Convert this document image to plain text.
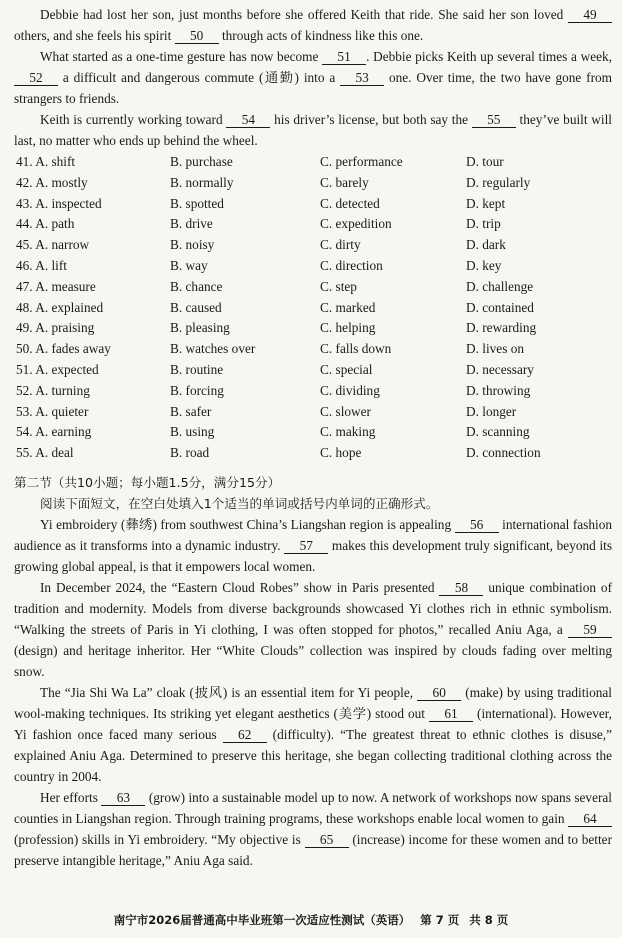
Debbie had lost her son, just months before she offered Keith that ride. She said her son loved 49 others, and she feels his spirit 50 through acts of kindness like this one.

What started as a one-time gesture has now become 51 . Debbie picks Keith up several times a week, 52 a difficult and dangerous commute (通勤) into a 53 one. Over time, the two have gone from strangers to friends.

Keith is currently working toward 54 his driver’s license, but both say the 55 they’ve built will last, no matter who ends up behind the wheel.

41. A. shift	B. purchase	C. performance	D. tour
42. A. mostly	B. normally	C. barely	D. regularly
43. A. inspected	B. spotted	C. detected	D. kept
44. A. path	B. drive	C. expedition	D. trip
45. A. narrow	B. noisy	C. dirty	D. dark
46. A. lift	B. way	C. direction	D. key
47. A. measure	B. chance	C. step	D. challenge
48. A. explained	B. caused	C. marked	D. contained
49. A. praising	B. pleasing	C. helping	D. rewarding
50. A. fades away	B. watches over	C. falls down	D. lives on
51. A. expected	B. routine	C. special	D. necessary
52. A. turning	B. forcing	C. dividing	D. throwing
53. A. quieter	B. safer	C. slower	D. longer
54. A. earning	B. using	C. making	D. scanning
55. A. deal	B. road	C. hope	D. connection

第二节（共10小题；每小题1.5分，满分15分）

阅读下面短文，在空白处填入1个适当的单词或括号内单词的正确形式。

Yi embroidery (彝绣) from southwest China’s Liangshan region is appealing 56 international fashion audience as it transforms into a dynamic industry. 57 makes this development truly significant, beyond its growing global appeal, is that it empowers local women.

In December 2024, the “Eastern Cloud Robes” show in Paris presented 58 unique combination of tradition and modernity. Models from diverse backgrounds showcased Yi clothes rich in ethnic symbolism. “Walking the streets of Paris in Yi clothing, I was often stopped for photos,” recalled Aniu Aga, a 59 (design) and heritage inheritor. Her “White Clouds” collection was inspired by clouds fading over melting snow.

The “Jia Shi Wa La” cloak (披风) is an essential item for Yi people, 60 (make) by using traditional wool-making techniques. Its striking yet elegant aesthetics (美学) stood out 61 (international). However, Yi fashion once faced many serious 62 (difficulty). “The greatest threat to ethnic clothes is disuse,” explained Aniu Aga. Determined to preserve this heritage, she began collecting traditional clothing across the country in 2004.

Her efforts 63 (grow) into a sustainable model up to now. A network of workshops now spans several counties in Liangshan region. Through training programs, these workshops enable local women to gain 64 (profession) skills in Yi embroidery. “My objective is 65 (increase) income for these women and to better preserve intangible heritage,” Aniu Aga said.

南宁市2026届普通高中毕业班第一次适应性测试（英语） 第 7 页 共 8 页
